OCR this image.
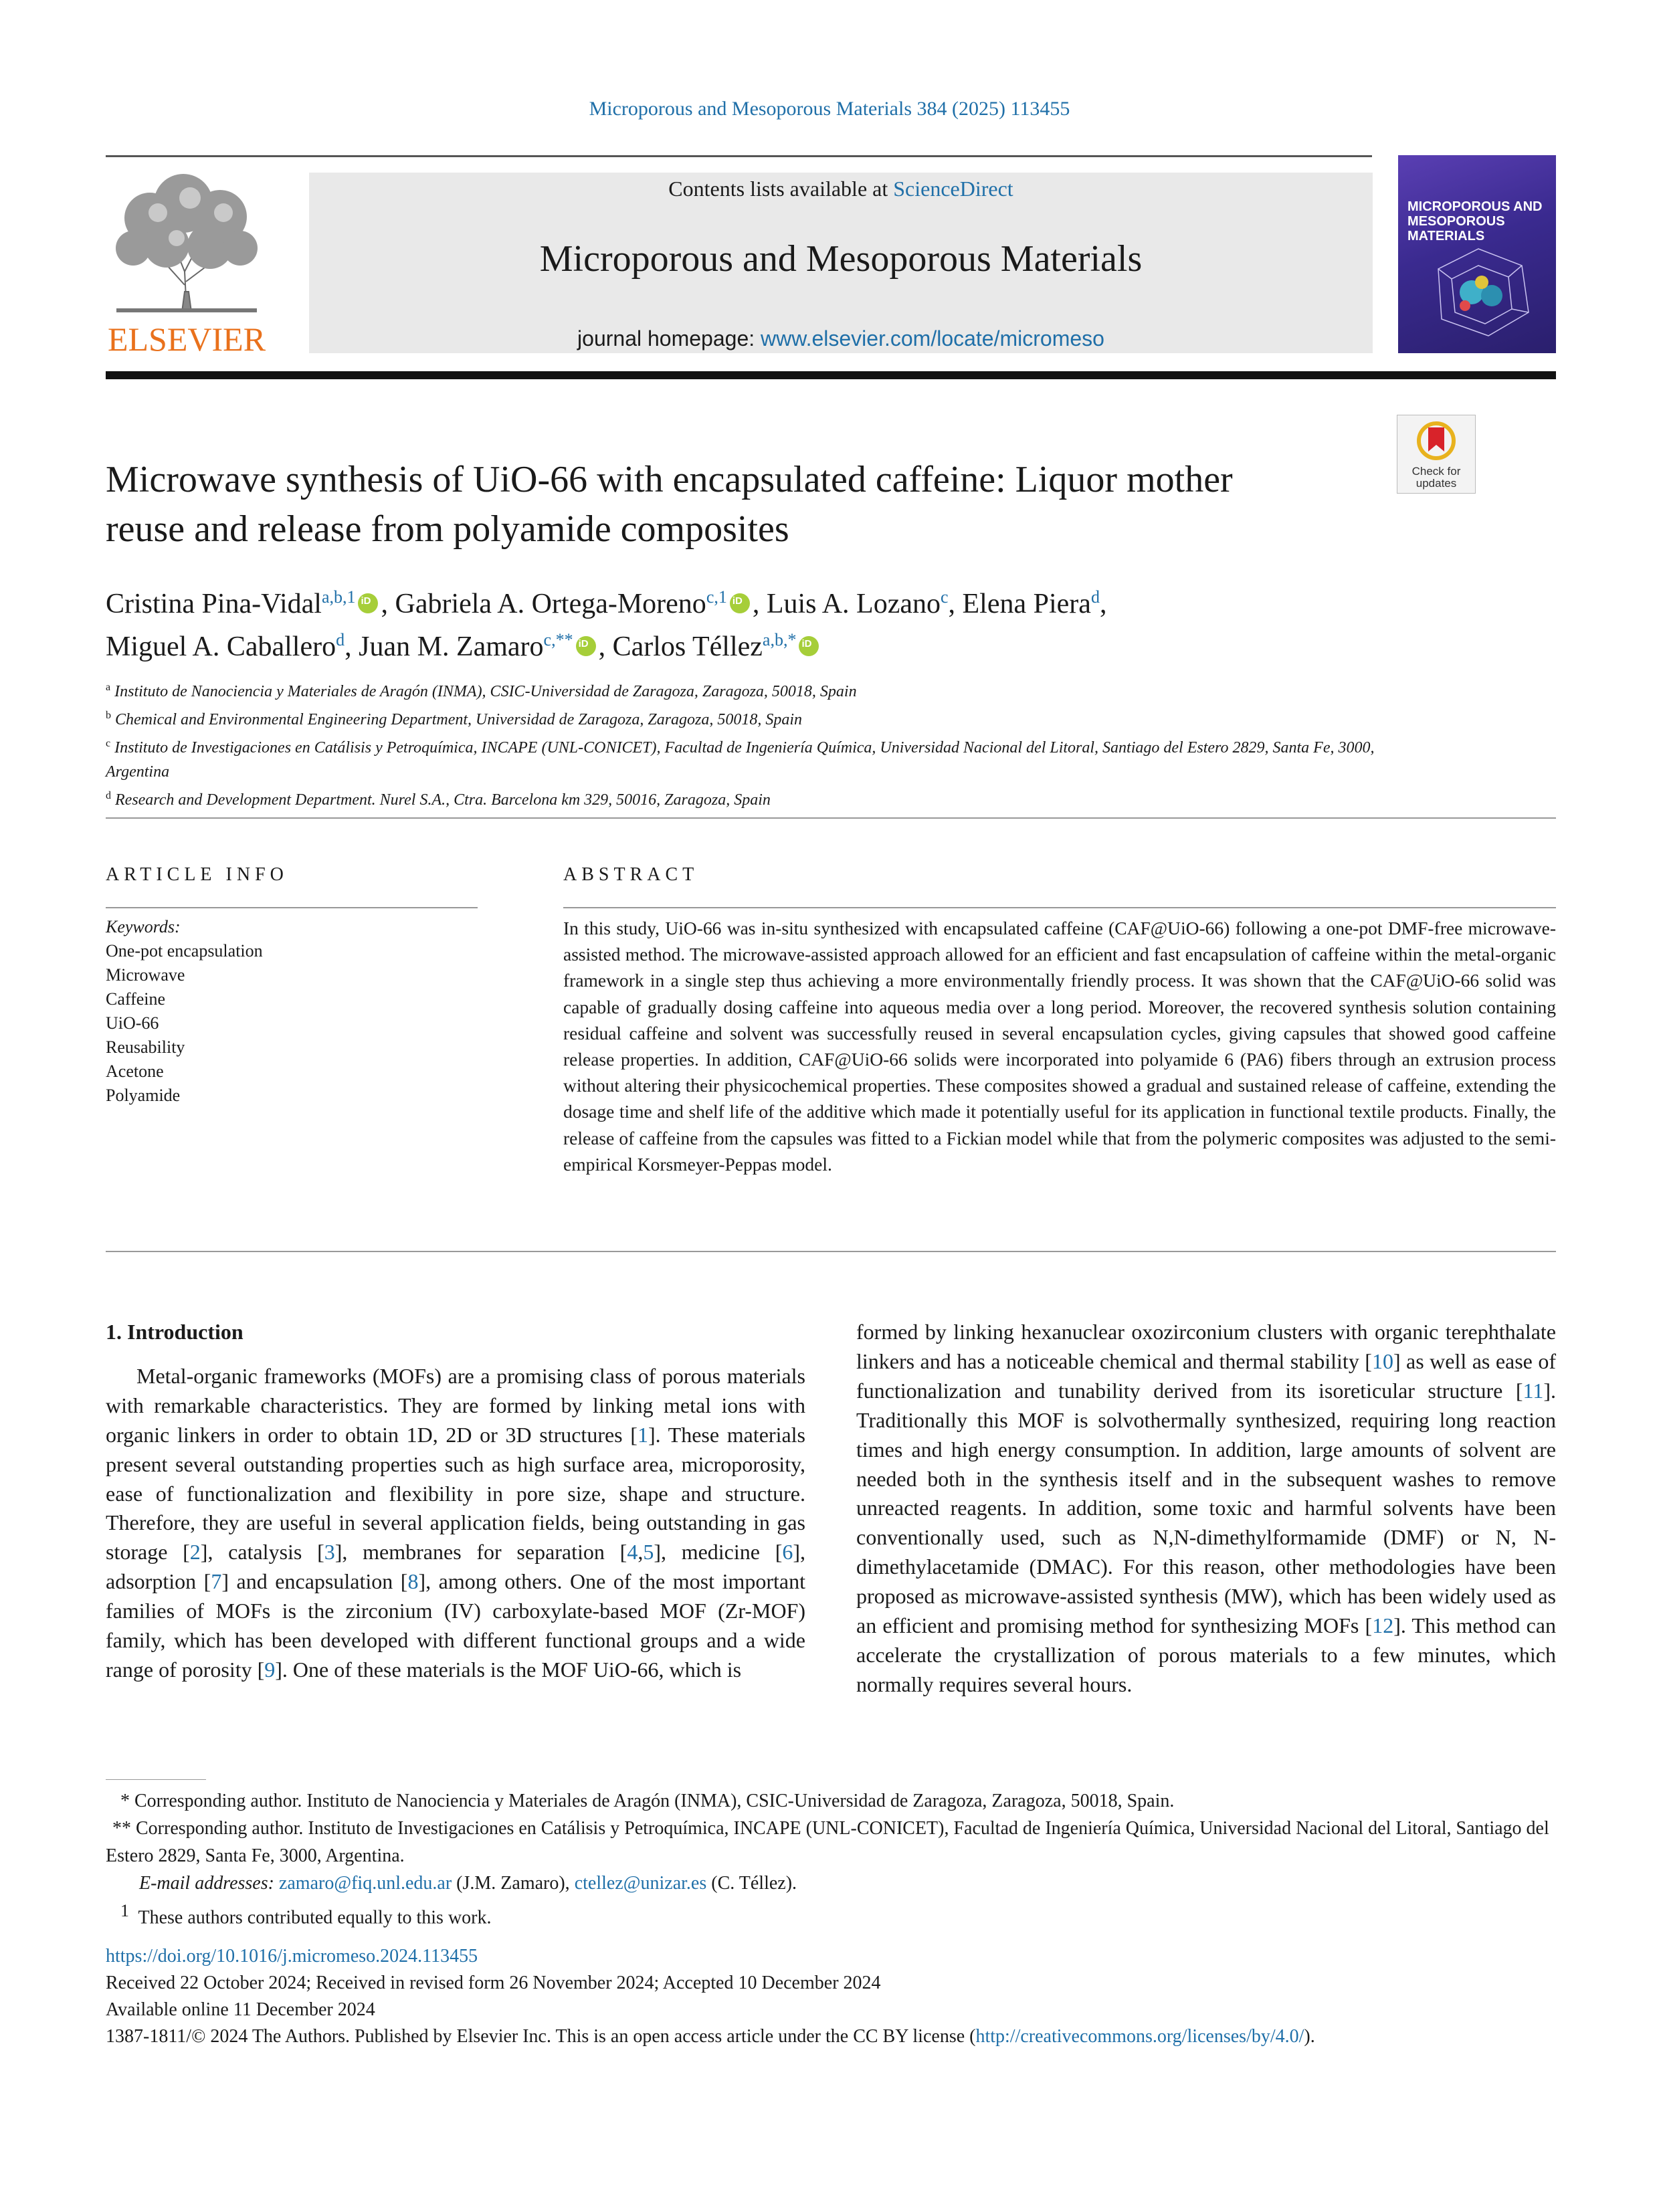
Microporous and Mesoporous Materials 384 (2025) 113455
ELSEVIER
Contents lists available at ScienceDirect
Microporous and Mesoporous Materials
journal homepage: www.elsevier.com/locate/micromeso
MICROPOROUS AND MESOPOROUS MATERIALS
Check for
updates
Microwave synthesis of UiO-66 with encapsulated caffeine: Liquor mother
reuse and release from polyamide composites
Cristina Pina-Vidal$^{a,b,1}$ iD , Gabriela A. Ortega-Moreno$^{c,1}$ iD , Luis A. Lozano$^c$, Elena Piera$^d$,
Miguel A. Caballero$^d$, Juan M. Zamaro$^{c,**}$ iD , Carlos Téllez$^{a,b,*}$iD
$^a$ Instituto de Nanociencia y Materiales de Aragón (INMA), CSIC-Universidad de Zaragoza, Zaragoza, 50018, Spain
$^b$ Chemical and Environmental Engineering Department, Universidad de Zaragoza, Zaragoza, 50018, Spain
$^c$ Instituto de Investigaciones en Catálisis y Petroquímica, INCAPE (UNL-CONICET), Facultad de Ingeniería Química, Universidad Nacional del Litoral, Santiago del Estero 2829, Santa Fe, 3000, Argentina
$^d$ Research and Development Department. Nurel S.A., Ctra. Barcelona km 329, 50016, Zaragoza, Spain
ARTICLE INFO	ABSTRACT
Keywords:
One-pot encapsulation
Microwave
Caffeine
UiO-66
Reusability
Acetone
Polyamide
In this study, UiO-66 was in-situ synthesized with encapsulated caffeine (CAF@UiO-66) following a one-pot DMF-free microwave-assisted method. The microwave-assisted approach allowed for an efficient and fast encapsulation of caffeine within the metal-organic framework in a single step thus achieving a more environmentally friendly process. It was shown that the CAF@UiO-66 solid was capable of gradually dosing caffeine into aqueous media over a long period. Moreover, the recovered synthesis solution containing residual caffeine and solvent was successfully reused in several encapsulation cycles, giving capsules that showed good caffeine release properties. In addition, CAF@UiO-66 solids were incorporated into polyamide 6 (PA6) fibers through an extrusion process without altering their physicochemical properties. These composites showed a gradual and sustained release of caffeine, extending the dosage time and shelf life of the additive which made it potentially useful for its application in functional textile products. Finally, the release of caffeine from the capsules was fitted to a Fickian model while that from the polymeric composites was adjusted to the semi-empirical Korsmeyer-Peppas model.
1. Introduction

Metal-organic frameworks (MOFs) are a promising class of porous materials with remarkable characteristics. They are formed by linking metal ions with organic linkers in order to obtain 1D, 2D or 3D structures [1]. These materials present several outstanding properties such as high surface area, microporosity, ease of functionalization and flexibility in pore size, shape and structure. Therefore, they are useful in several application fields, being outstanding in gas storage [2], catalysis [3], membranes for separation [4,5], medicine [6], adsorption [7] and encapsulation [8], among others. One of the most important families of MOFs is the zirconium (IV) carboxylate-based MOF (Zr-MOF) family, which has been developed with different functional groups and a wide range of porosity [9]. One of these materials is the MOF UiO-66, which is

formed by linking hexanuclear oxozirconium clusters with organic terephthalate linkers and has a noticeable chemical and thermal stability [10] as well as ease of functionalization and tunability derived from its isoreticular structure [11]. Traditionally this MOF is solvothermally synthesized, requiring long reaction times and high energy consumption. In addition, large amounts of solvent are needed both in the synthesis itself and in the subsequent washes to remove unreacted reagents. In addition, some toxic and harmful solvents have been conventionally used, such as N,N-dimethylformamide (DMF) or N, N-dimethylacetamide (DMAC). For this reason, other methodologies have been proposed as microwave-assisted synthesis (MW), which has been widely used as an efficient and promising method for synthesizing MOFs [12]. This method can accelerate the crystallization of porous materials to a few minutes, which normally requires several hours.

* Corresponding author. Instituto de Nanociencia y Materiales de Aragón (INMA), CSIC-Universidad de Zaragoza, Zaragoza, 50018, Spain.

** Corresponding author. Instituto de Investigaciones en Catálisis y Petroquímica, INCAPE (UNL-CONICET), Facultad de Ingeniería Química, Universidad Nacional del Litoral, Santiago del Estero 2829, Santa Fe, 3000, Argentina.

E-mail addresses: zamaro@fiq.unl.edu.ar (J.M. Zamaro), ctellez@unizar.es (C. Téllez).

$^1$ These authors contributed equally to this work.

https://doi.org/10.1016/j.micromeso.2024.113455

Received 22 October 2024; Received in revised form 26 November 2024; Accepted 10 December 2024

Available online 11 December 2024

1387-1811/© 2024 The Authors. Published by Elsevier Inc. This is an open access article under the CC BY license (http://creativecommons.org/licenses/by/4.0/).
